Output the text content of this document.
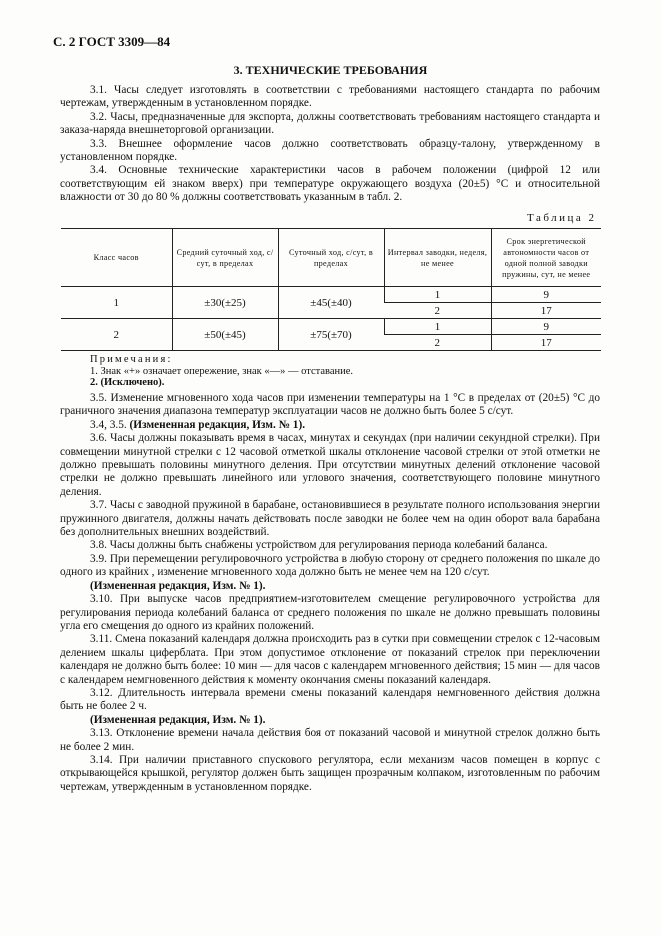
С. 2 ГОСТ 3309—84
3. ТЕХНИЧЕСКИЕ ТРЕБОВАНИЯ

3.1. Часы следует изготовлять в соответствии с требованиями настоящего стандарта по рабочим чертежам, утвержденным в установленном порядке.

3.2. Часы, предназначенные для экспорта, должны соответствовать требованиям настоящего стандарта и заказа-наряда внешнеторговой организации.

3.3. Внешнее оформление часов должно соответствовать образцу-талону, утвержденному в установленном порядке.

3.4. Основные технические характеристики часов в рабочем положении (цифрой 12 или соответствующим ей знаком вверх) при температуре окружающего воздуха (20±5) °С и относительной влажности от 30 до 80 % должны соответствовать указанным в табл. 2.

Таблица 2
Класс часов	Средний суточный ход, с/сут, в пределах	Суточный ход, с/сут, в пределах	Интервал заводки, неделя, не менее	Срок энергетической автономности часов от одной полной заводки пружины, сут, не менее
1	±30(±25)	±45(±40)	1	9
			2	17
2	±50(±45)	±75(±70)	1	9
			2	17

Примечания:

1. Знак «+» означает опережение, знак «—» — отставание.

2. (Исключено).

3.5. Изменение мгновенного хода часов при изменении температуры на 1 °С в пределах от (20±5) °С до граничного значения диапазона температур эксплуатации часов не должно быть более 5 с/сут.

3.4, 3.5. (Измененная редакция, Изм. № 1).

3.6. Часы должны показывать время в часах, минутах и секундах (при наличии секундной стрелки). При совмещении минутной стрелки с 12 часовой отметкой шкалы отклонение часовой стрелки от этой отметки не должно превышать половины минутного деления. При отсутствии минутных делений отклонение часовой стрелки не должно превышать линейного или углового значения, соответствующего половине минутного деления.

3.7. Часы с заводной пружиной в барабане, остановившиеся в результате полного использования энергии пружинного двигателя, должны начать действовать после заводки не более чем на один оборот вала барабана без дополнительных внешних воздействий.

3.8. Часы должны быть снабжены устройством для регулирования периода колебаний баланса.

3.9. При перемещении регулировочного устройства в любую сторону от среднего положения по шкале до одного из крайних , изменение мгновенного хода должно быть не менее чем на 120 с/сут.

(Измененная редакция, Изм. № 1).

3.10. При выпуске часов предприятием-изготовителем смещение регулировочного устройства для регулирования периода колебаний баланса от среднего положения по шкале не должно превышать половины угла его смещения до одного из крайних положений.

3.11. Смена показаний календаря должна происходить раз в сутки при совмещении стрелок с 12-часовым делением шкалы циферблата. При этом допустимое отклонение от показаний стрелок при переключении календаря не должно быть более: 10 мин — для часов с календарем мгновенного действия; 15 мин — для часов с календарем немгновенного действия к моменту окончания смены показаний календаря.

3.12. Длительность интервала времени смены показаний календаря немгновенного действия должна быть не более 2 ч.

(Измененная редакция, Изм. № 1).

3.13. Отклонение времени начала действия боя от показаний часовой и минутной стрелок должно быть не более 2 мин.

3.14. При наличии приставного спускового регулятора, если механизм часов помещен в корпус с открывающейся крышкой, регулятор должен быть защищен прозрачным колпаком, изготовленным по рабочим чертежам, утвержденным в установленном порядке.
